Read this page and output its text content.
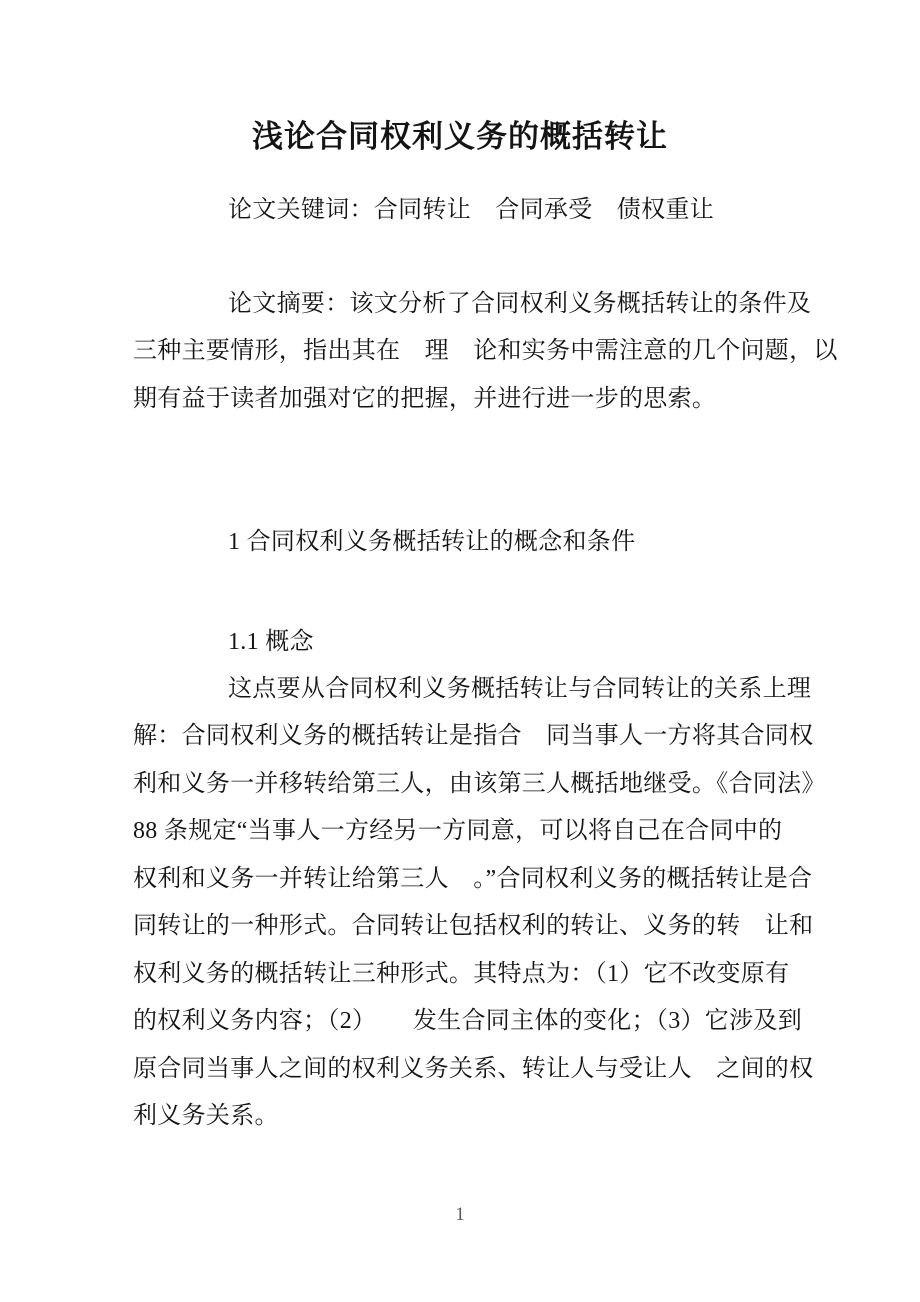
浅论合同权利义务的概括转让
论文关键词：合同转让　合同承受　债权重让
论文摘要：该文分析了合同权利义务概括转让的条件及
三种主要情形，指出其在　理　论和实务中需注意的几个问题，以
期有益于读者加强对它的把握，并进行进一步的思索。
1 合同权利义务概括转让的概念和条件
1.1 概念
这点要从合同权利义务概括转让与合同转让的关系上理
解：合同权利义务的概括转让是指合　同当事人一方将其合同权
利和义务一并移转给第三人，由该第三人概括地继受。《合同法》
88 条规定“当事人一方经另一方同意，可以将自己在合同中的
权利和义务一并转让给第三人　。”合同权利义务的概括转让是合
同转让的一种形式。合同转让包括权利的转让、义务的转　让和
权利义务的概括转让三种形式。其特点为：（1）它不改变原有
的权利义务内容；（2）　　发生合同主体的变化；（3）它涉及到
原合同当事人之间的权利义务关系、转让人与受让人　之间的权
利义务关系。
1
